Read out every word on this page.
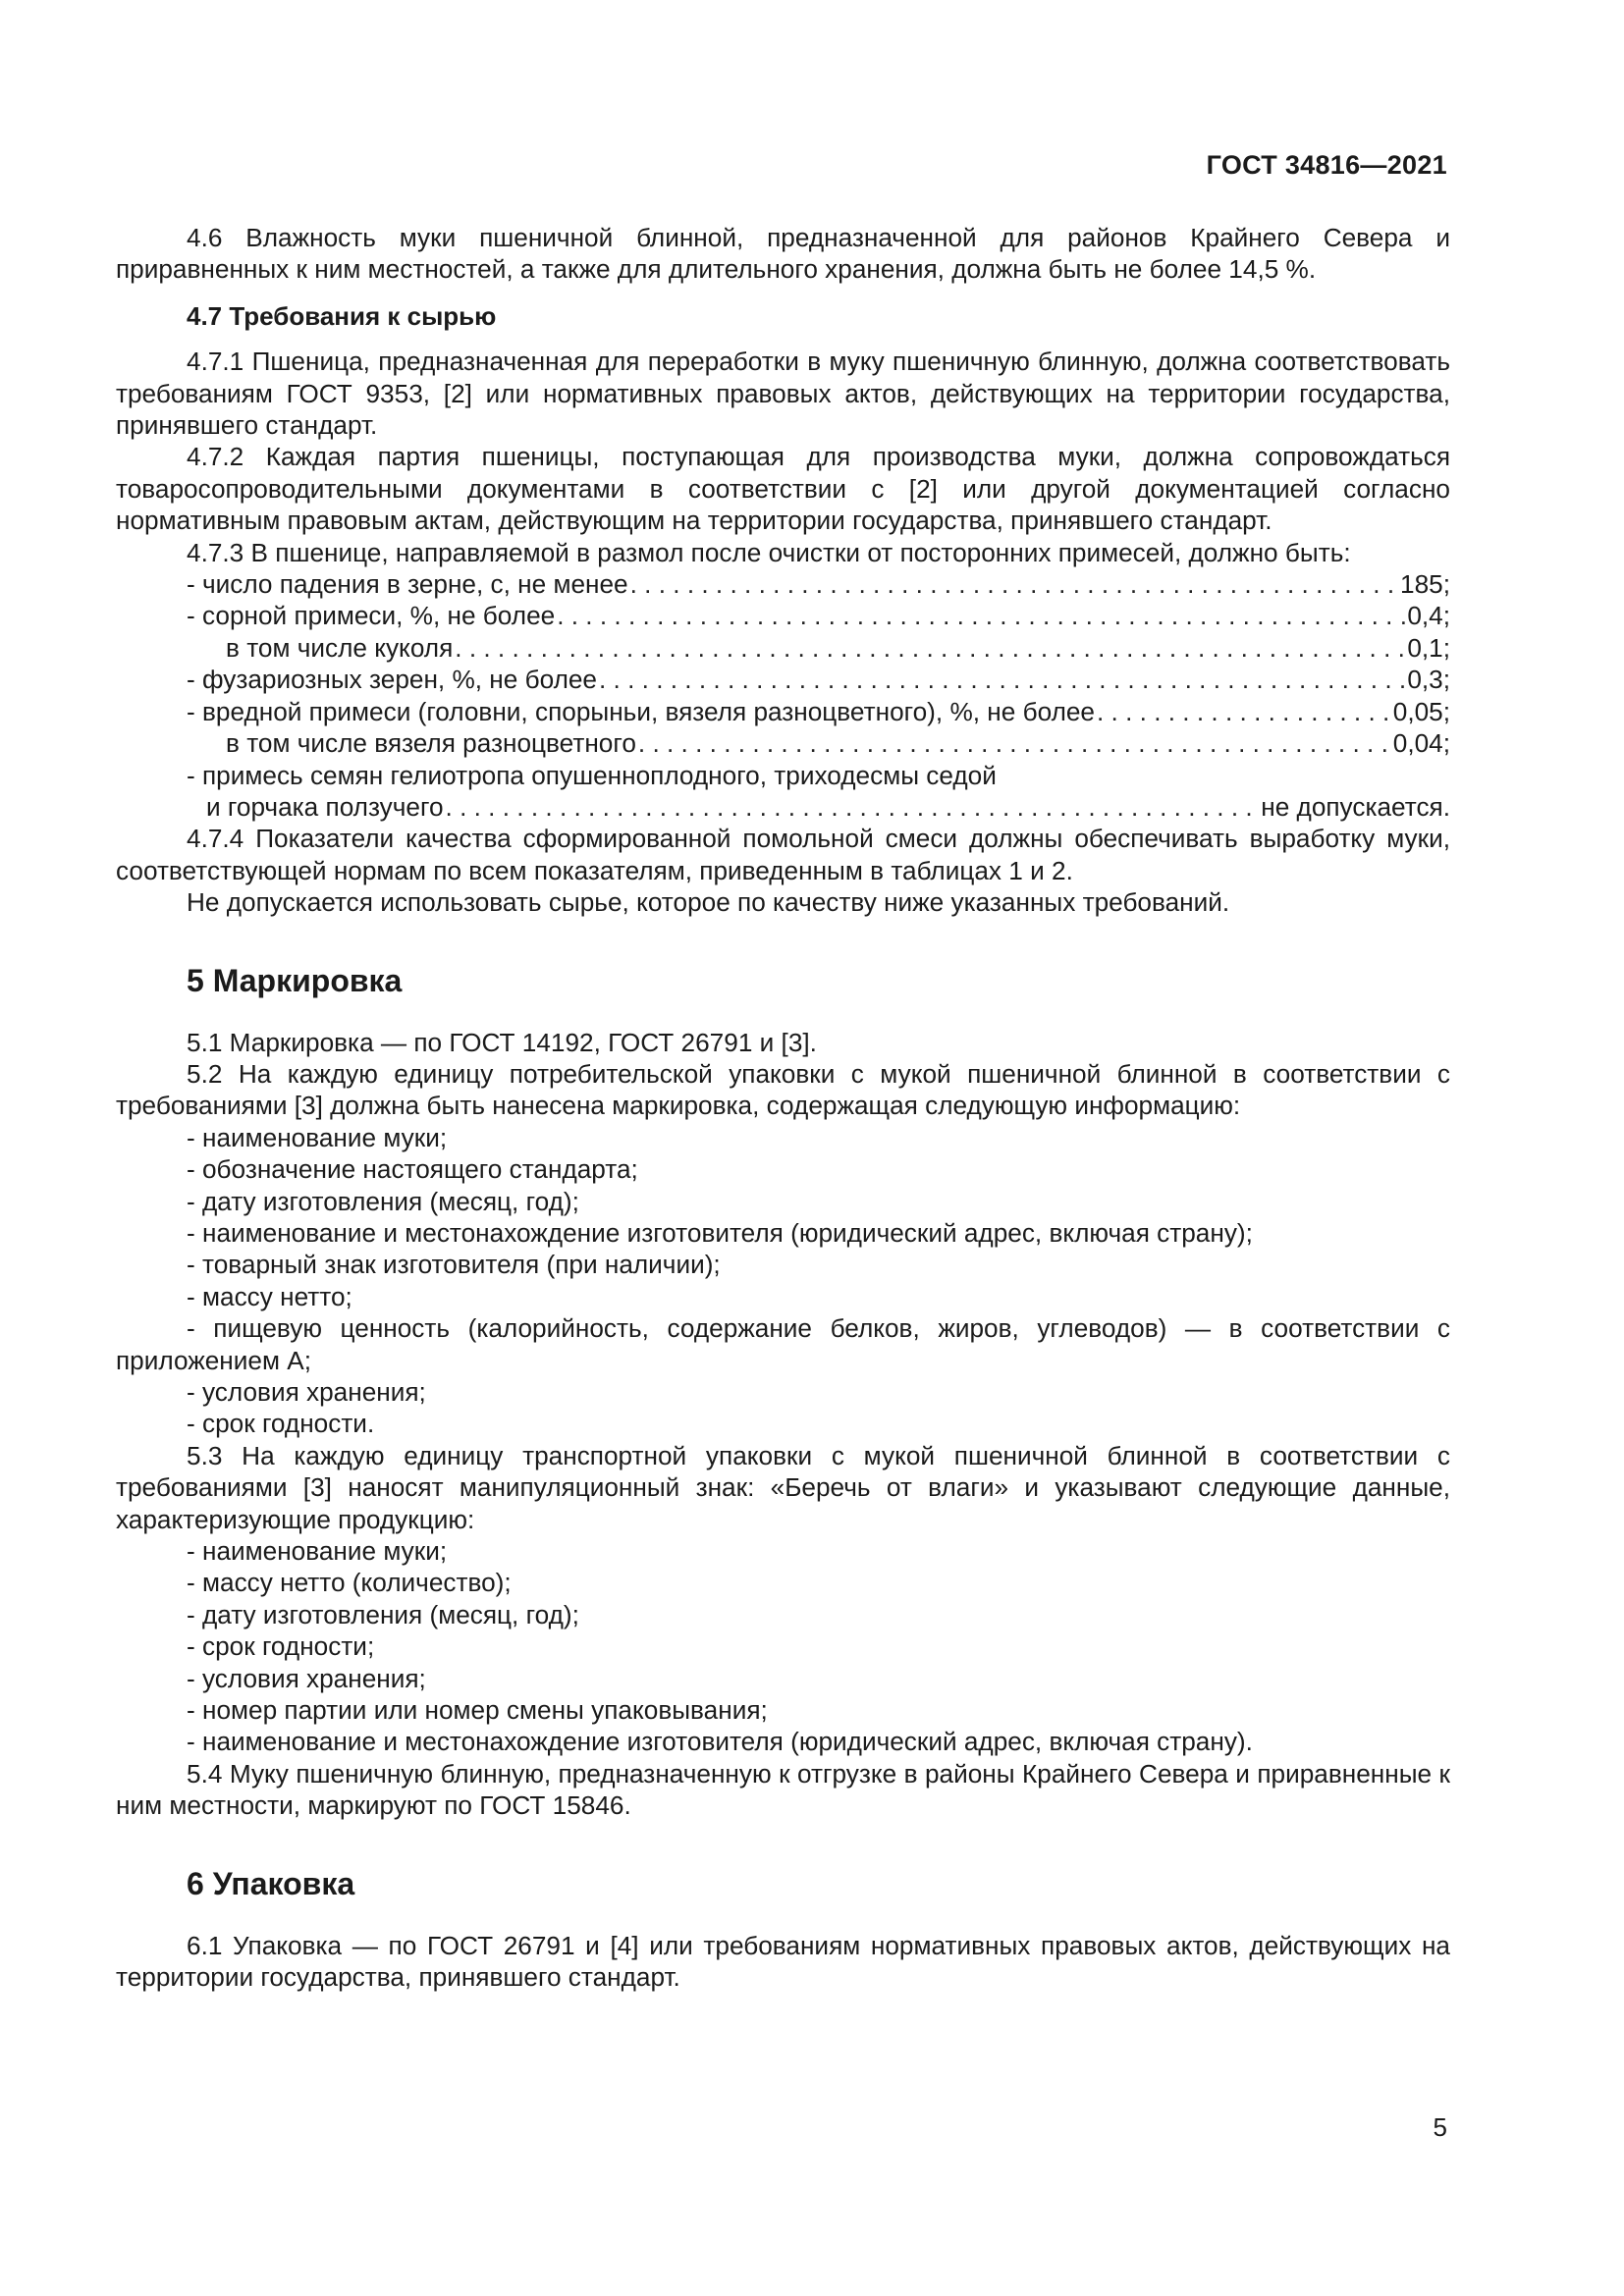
ГОСТ 34816—2021

4.6 Влажность муки пшеничной блинной, предназначенной для районов Крайнего Севера и приравненных к ним местностей, а также для длительного хранения, должна быть не более 14,5 %.

4.7 Требования к сырью

4.7.1 Пшеница, предназначенная для переработки в муку пшеничную блинную, должна соответствовать требованиям ГОСТ 9353, [2] или нормативных правовых актов, действующих на территории государства, принявшего стандарт.

4.7.2 Каждая партия пшеницы, поступающая для производства муки, должна сопровождаться товаросопроводительными документами в соответствии с [2] или другой документацией согласно нормативным правовым актам, действующим на территории государства, принявшего стандарт.

4.7.3 В пшенице, направляемой в размол после очистки от посторонних примесей, должно быть:

- число падения в зерне, с, не менее . . .	185;
- сорной примеси, %, не более . . .	0,4;
в том числе куколя . . .	0,1;
- фузариозных зерен, %, не более . . .	0,3;
- вредной примеси (головни, спорыньи, вязеля разноцветного), %, не более . . .	0,05;
в том числе вязеля разноцветного . . .	0,04;
- примесь семян гелиотропа опушенноплодного, триходесмы седой
и горчака ползучего . . .	не допускается.

4.7.4 Показатели качества сформированной помольной смеси должны обеспечивать выработку муки, соответствующей нормам по всем показателям, приведенным в таблицах 1 и 2.

Не допускается использовать сырье, которое по качеству ниже указанных требований.

5 Маркировка

5.1 Маркировка — по ГОСТ 14192, ГОСТ 26791 и [3].

5.2 На каждую единицу потребительской упаковки с мукой пшеничной блинной в соответствии с требованиями [3] должна быть нанесена маркировка, содержащая следующую информацию:

- наименование муки;
- обозначение настоящего стандарта;
- дату изготовления (месяц, год);
- наименование и местонахождение изготовителя (юридический адрес, включая страну);
- товарный знак изготовителя (при наличии);
- массу нетто;

- пищевую ценность (калорийность, содержание белков, жиров, углеводов) — в соответствии с приложением А;

- условия хранения;
- срок годности.

5.3 На каждую единицу транспортной упаковки с мукой пшеничной блинной в соответствии с требованиями [3] наносят манипуляционный знак: «Беречь от влаги» и указывают следующие данные, характеризующие продукцию:

- наименование муки;
- массу нетто (количество);
- дату изготовления (месяц, год);
- срок годности;
- условия хранения;
- номер партии или номер смены упаковывания;
- наименование и местонахождение изготовителя (юридический адрес, включая страну).

5.4 Муку пшеничную блинную, предназначенную к отгрузке в районы Крайнего Севера и приравненные к ним местности, маркируют по ГОСТ 15846.

6 Упаковка

6.1 Упаковка — по ГОСТ 26791 и [4] или требованиям нормативных правовых актов, действующих на территории государства, принявшего стандарт.

5
